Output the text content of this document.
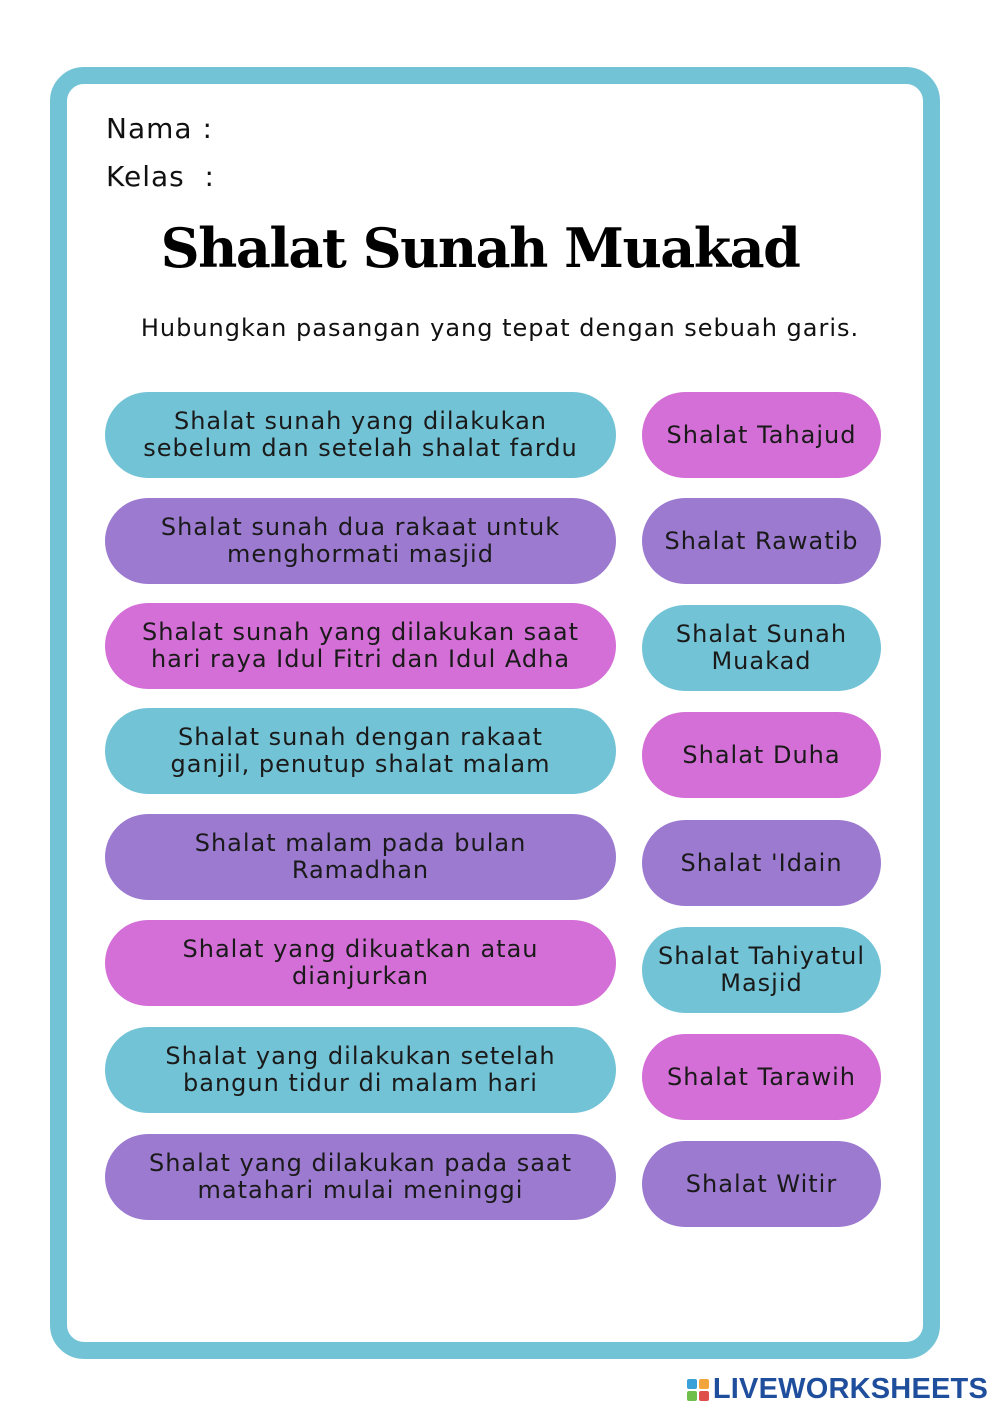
Nama :
Kelas  :
Shalat Sunah Muakad
Hubungkan pasangan yang tepat dengan sebuah garis.
Shalat sunah yang dilakukan
sebelum dan setelah shalat fardu
Shalat sunah dua rakaat untuk
menghormati masjid
Shalat sunah yang dilakukan saat
hari raya Idul Fitri dan Idul Adha
Shalat sunah dengan rakaat
ganjil, penutup shalat malam
Shalat malam pada bulan
Ramadhan
Shalat yang dikuatkan atau
dianjurkan
Shalat yang dilakukan setelah
bangun tidur di malam hari
Shalat yang dilakukan pada saat
matahari mulai meninggi
Shalat Tahajud
Shalat Rawatib
Shalat Sunah
Muakad
Shalat Duha
Shalat 'Idain
Shalat Tahiyatul
Masjid
Shalat Tarawih
Shalat Witir
LIVEWORKSHEETS
